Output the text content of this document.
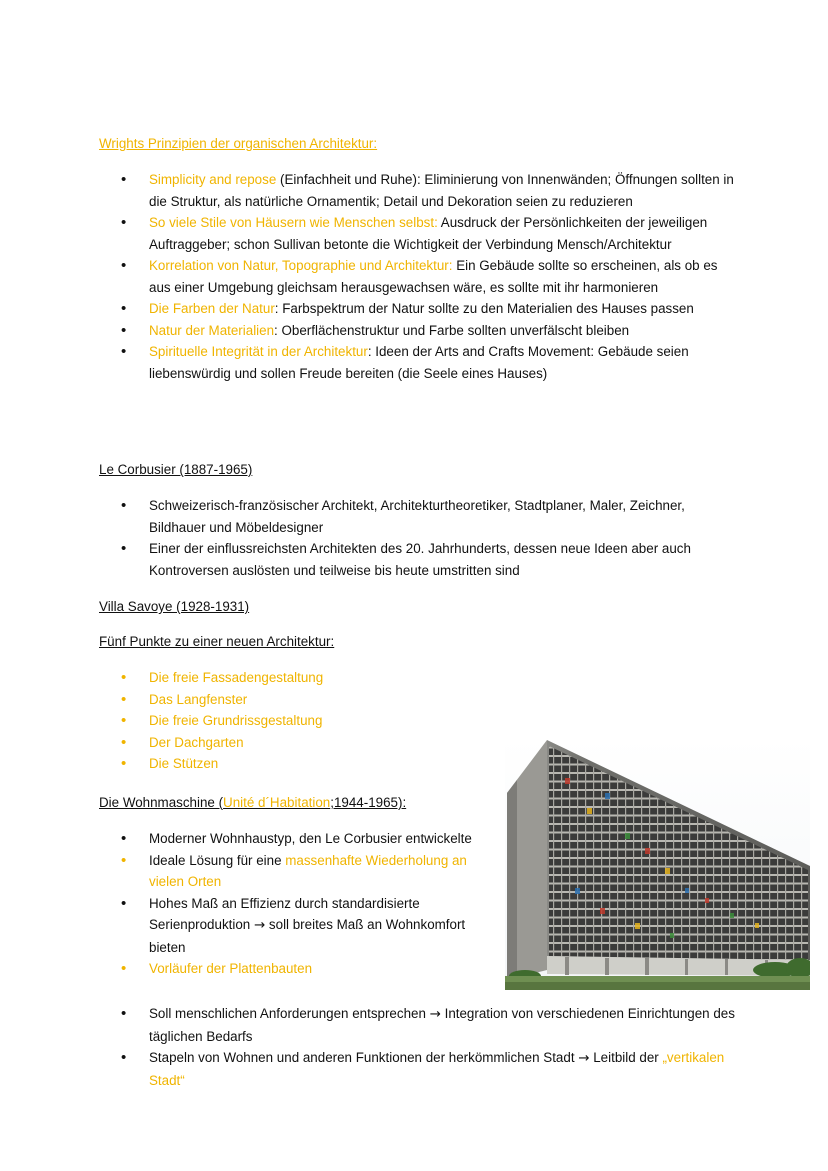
Wrights Prinzipien der organischen Architektur:
• Simplicity and repose (Einfachheit und Ruhe): Eliminierung von Innenwänden; Öffnungen sollten in die Struktur, als natürliche Ornamentik; Detail und Dekoration seien zu reduzieren
• So viele Stile von Häusern wie Menschen selbst: Ausdruck der Persönlichkeiten der jeweiligen Auftraggeber; schon Sullivan betonte die Wichtigkeit der Verbindung Mensch/Architektur
• Korrelation von Natur, Topographie und Architektur: Ein Gebäude sollte so erscheinen, als ob es aus einer Umgebung gleichsam herausgewachsen wäre, es sollte mit ihr harmonieren
• Die Farben der Natur: Farbspektrum der Natur sollte zu den Materialien des Hauses passen
• Natur der Materialien: Oberflächenstruktur und Farbe sollten unverfälscht bleiben
• Spirituelle Integrität in der Architektur: Ideen der Arts and Crafts Movement: Gebäude seien liebenswürdig und sollen Freude bereiten (die Seele eines Hauses)
Le Corbusier (1887-1965)
• Schweizerisch-französischer Architekt, Architekturtheoretiker, Stadtplaner, Maler, Zeichner, Bildhauer und Möbeldesigner
• Einer der einflussreichsten Architekten des 20. Jahrhunderts, dessen neue Ideen aber auch Kontroversen auslösten und teilweise bis heute umstritten sind
Villa Savoye (1928-1931)
Fünf Punkte zu einer neuen Architektur:
• Die freie Fassadengestaltung
• Das Langfenster
• Die freie Grundrissgestaltung
• Der Dachgarten
• Die Stützen
Die Wohnmaschine (Unité d´Habitation;1944-1965):
• Moderner Wohnhaustyp, den Le Corbusier entwickelte
• Ideale Lösung für eine massenhafte Wiederholung an vielen Orten
• Hohes Maß an Effizienz durch standardisierte Serienproduktion → soll breites Maß an Wohnkomfort bieten
• Vorläufer der Plattenbauten
• Soll menschlichen Anforderungen entsprechen → Integration von verschiedenen Einrichtungen des täglichen Bedarfs
• Stapeln von Wohnen und anderen Funktionen der herkömmlichen Stadt → Leitbild der „vertikalen Stadt“
